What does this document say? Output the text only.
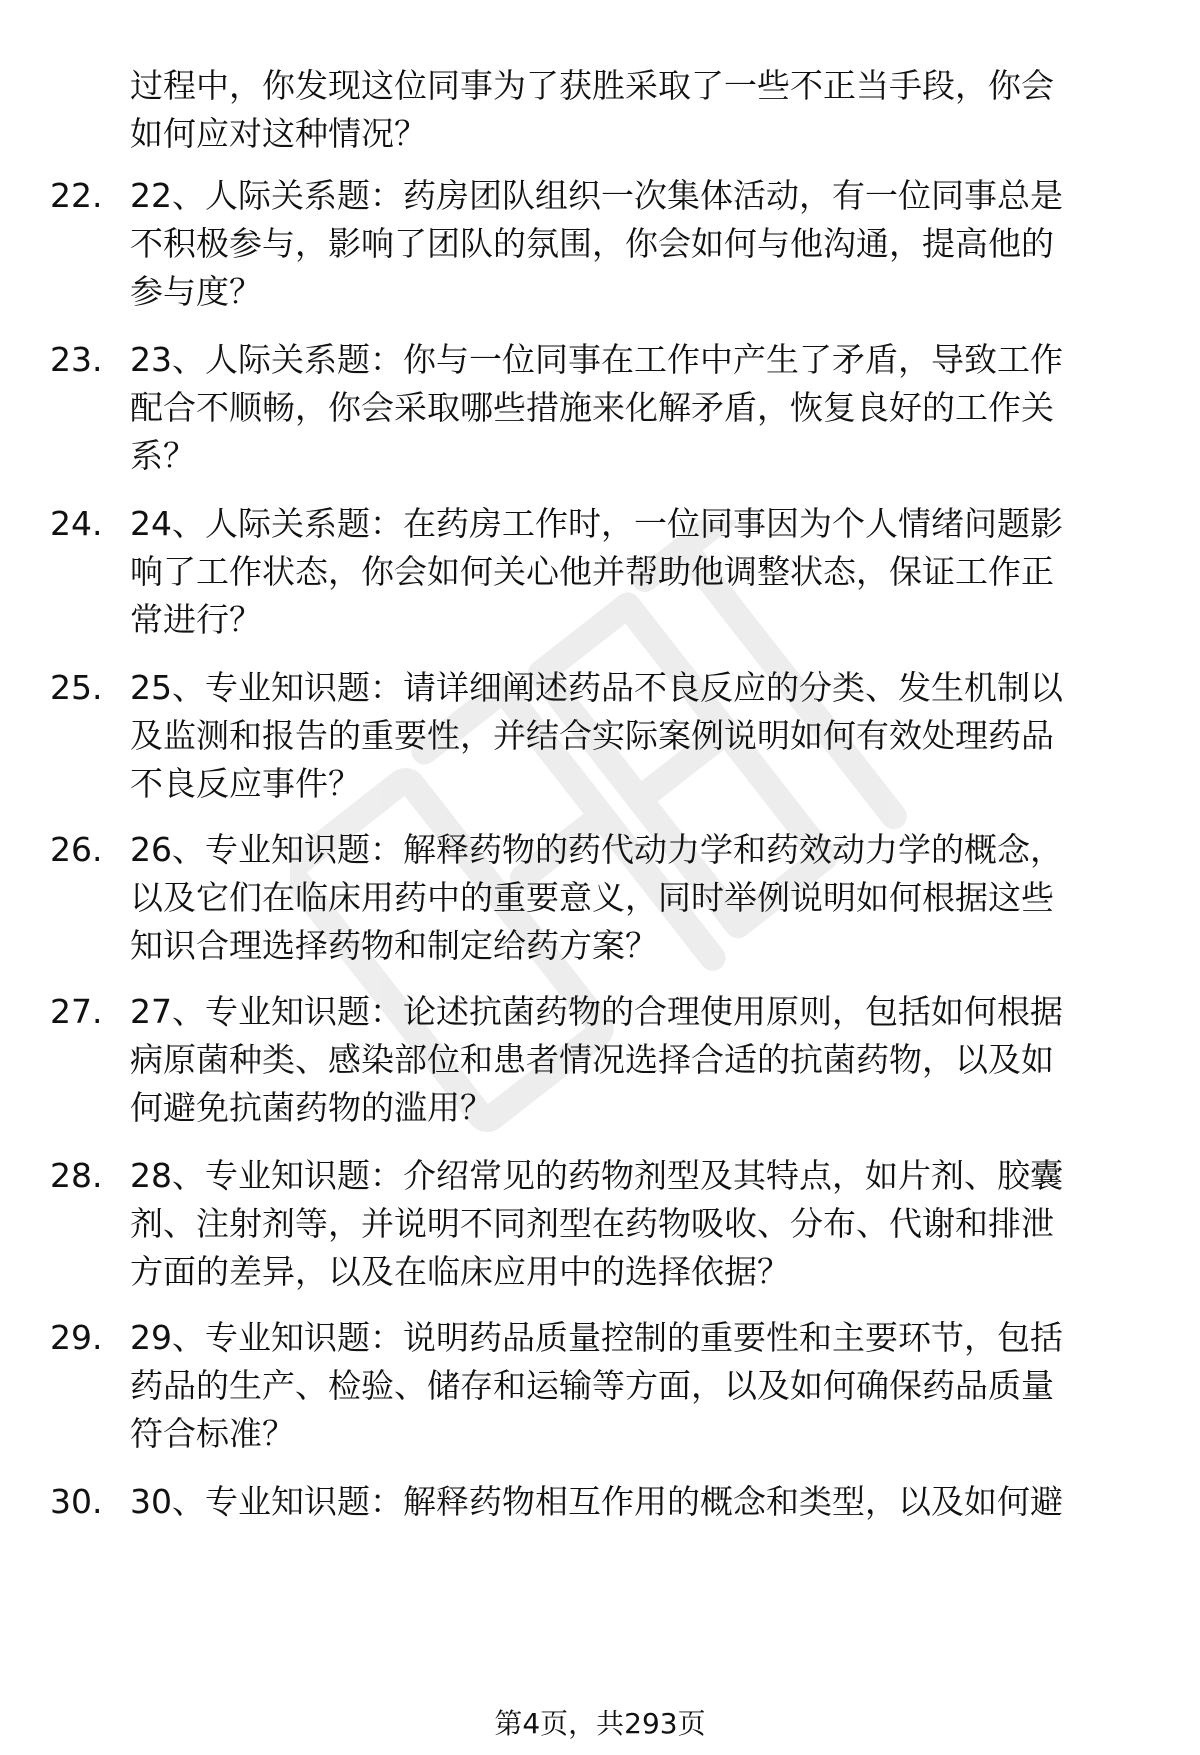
过程中，你发现这位同事为了获胜采取了一些不正当手段，你会
如何应对这种情况？
22. 22、人际关系题：药房团队组织一次集体活动，有一位同事总是
不积极参与，影响了团队的氛围，你会如何与他沟通，提高他的
参与度？
23. 23、人际关系题：你与一位同事在工作中产生了矛盾，导致工作
配合不顺畅，你会采取哪些措施来化解矛盾，恢复良好的工作关
系？
24. 24、人际关系题：在药房工作时，一位同事因为个人情绪问题影
响了工作状态，你会如何关心他并帮助他调整状态，保证工作正
常进行？
25. 25、专业知识题：请详细阐述药品不良反应的分类、发生机制以
及监测和报告的重要性，并结合实际案例说明如何有效处理药品
不良反应事件？
26. 26、专业知识题：解释药物的药代动力学和药效动力学的概念，
以及它们在临床用药中的重要意义，同时举例说明如何根据这些
知识合理选择药物和制定给药方案？
27. 27、专业知识题：论述抗菌药物的合理使用原则，包括如何根据
病原菌种类、感染部位和患者情况选择合适的抗菌药物，以及如
何避免抗菌药物的滥用？
28. 28、专业知识题：介绍常见的药物剂型及其特点，如片剂、胶囊
剂、注射剂等，并说明不同剂型在药物吸收、分布、代谢和排泄
方面的差异，以及在临床应用中的选择依据？
29. 29、专业知识题：说明药品质量控制的重要性和主要环节，包括
药品的生产、检验、储存和运输等方面，以及如何确保药品质量
符合标准？
30. 30、专业知识题：解释药物相互作用的概念和类型，以及如何避
第4页，共293页
